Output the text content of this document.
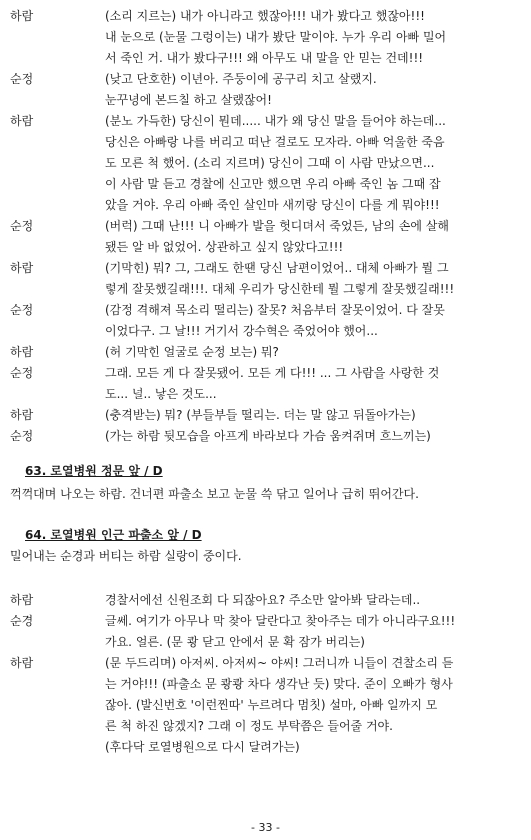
하람	(소리 지르는) 내가 아니라고 했잖아!!! 내가 봤다고 했잖아!!!
내 눈으로 (눈물 그렁이는) 내가 봤단 말이야. 누가 우리 아빠 밀어
서 죽인 거. 내가 봤다구!!! 왜 아무도 내 말을 안 믿는 건데!!!
순정	(낮고 단호한) 이년아. 주둥이에 공구리 치고 살랬지.
눈꾸녕에 본드칠 하고 살랬잖어!
하람	(분노 가득한) 당신이 뭔데..... 내가 왜 당신 말을 들어야 하는데...
당신은 아빠랑 나를 버리고 떠난 걸로도 모자라. 아빠 억울한 죽음
도 모른 척 했어. (소리 지르며) 당신이 그때 이 사람 만났으면...
이 사람 말 듣고 경찰에 신고만 했으면 우리 아빠 죽인 놈 그때 잡
았을 거야. 우리 아빠 죽인 살인마 새끼랑 당신이 다를 게 뭐야!!!
순정	(버럭) 그때 난!!! 니 아빠가 발을 헛디뎌서 죽었든, 남의 손에 살해
됐든 알 바 없었어. 상관하고 싶지 않았다고!!!
하람	(기막힌) 뭐? 그, 그래도 한땐 당신 남편이었어.. 대체 아빠가 뭘 그
렇게 잘못했길래!!!. 대체 우리가 당신한테 뭘 그렇게 잘못했길래!!!
순정	(감정 격해져 목소리 떨리는) 잘못? 처음부터 잘못이었어. 다 잘못
이었다구. 그 날!!! 거기서 강수혁은 죽었어야 했어...
하람	(허 기막힌 얼굴로 순정 보는) 뭐?
순정	그래. 모든 게 다 잘못됐어. 모든 게 다!!! ... 그 사람을 사랑한 것
도... 널.. 낳은 것도...
하람	(충격받는) 뭐? (부들부들 떨리는. 더는 말 않고 뒤돌아가는)
순정	(가는 하람 뒷모습을 아프게 바라보다 가슴 움켜쥐며 흐느끼는)
63. 로열병원 정문 앞 / D
꺽꺽대며 나오는 하람. 건너편 파출소 보고 눈물 쓱 닦고 일어나 급히 뛰어간다.
64. 로열병원 인근 파출소 앞 / D
밀어내는 순경과 버티는 하람 실랑이 중이다.
하람	경찰서에선 신원조회 다 되잖아요? 주소만 알아봐 달라는데..
순경	글쎄. 여기가 아무나 막 찾아 달란다고 찾아주는 데가 아니라구요!!!
가요. 얼른. (문 쾅 닫고 안에서 문 확 잠가 버리는)
하람	(문 두드리며) 아저씨. 아저씨~ 야씨! 그러니까 니들이 견찰소리 듣
는 거야!!! (파출소 문 쾅쾅 차다 생각난 듯) 맞다. 준이 오빠가 형사
잖아. (발신번호 '이런찐따' 누르려다 멈칫) 설마, 아빠 일까지 모
른 척 하진 않겠지? 그래 이 정도 부탁쯤은 들어줄 거야.
(후다닥 로열병원으로 다시 달려가는)
- 33 -
